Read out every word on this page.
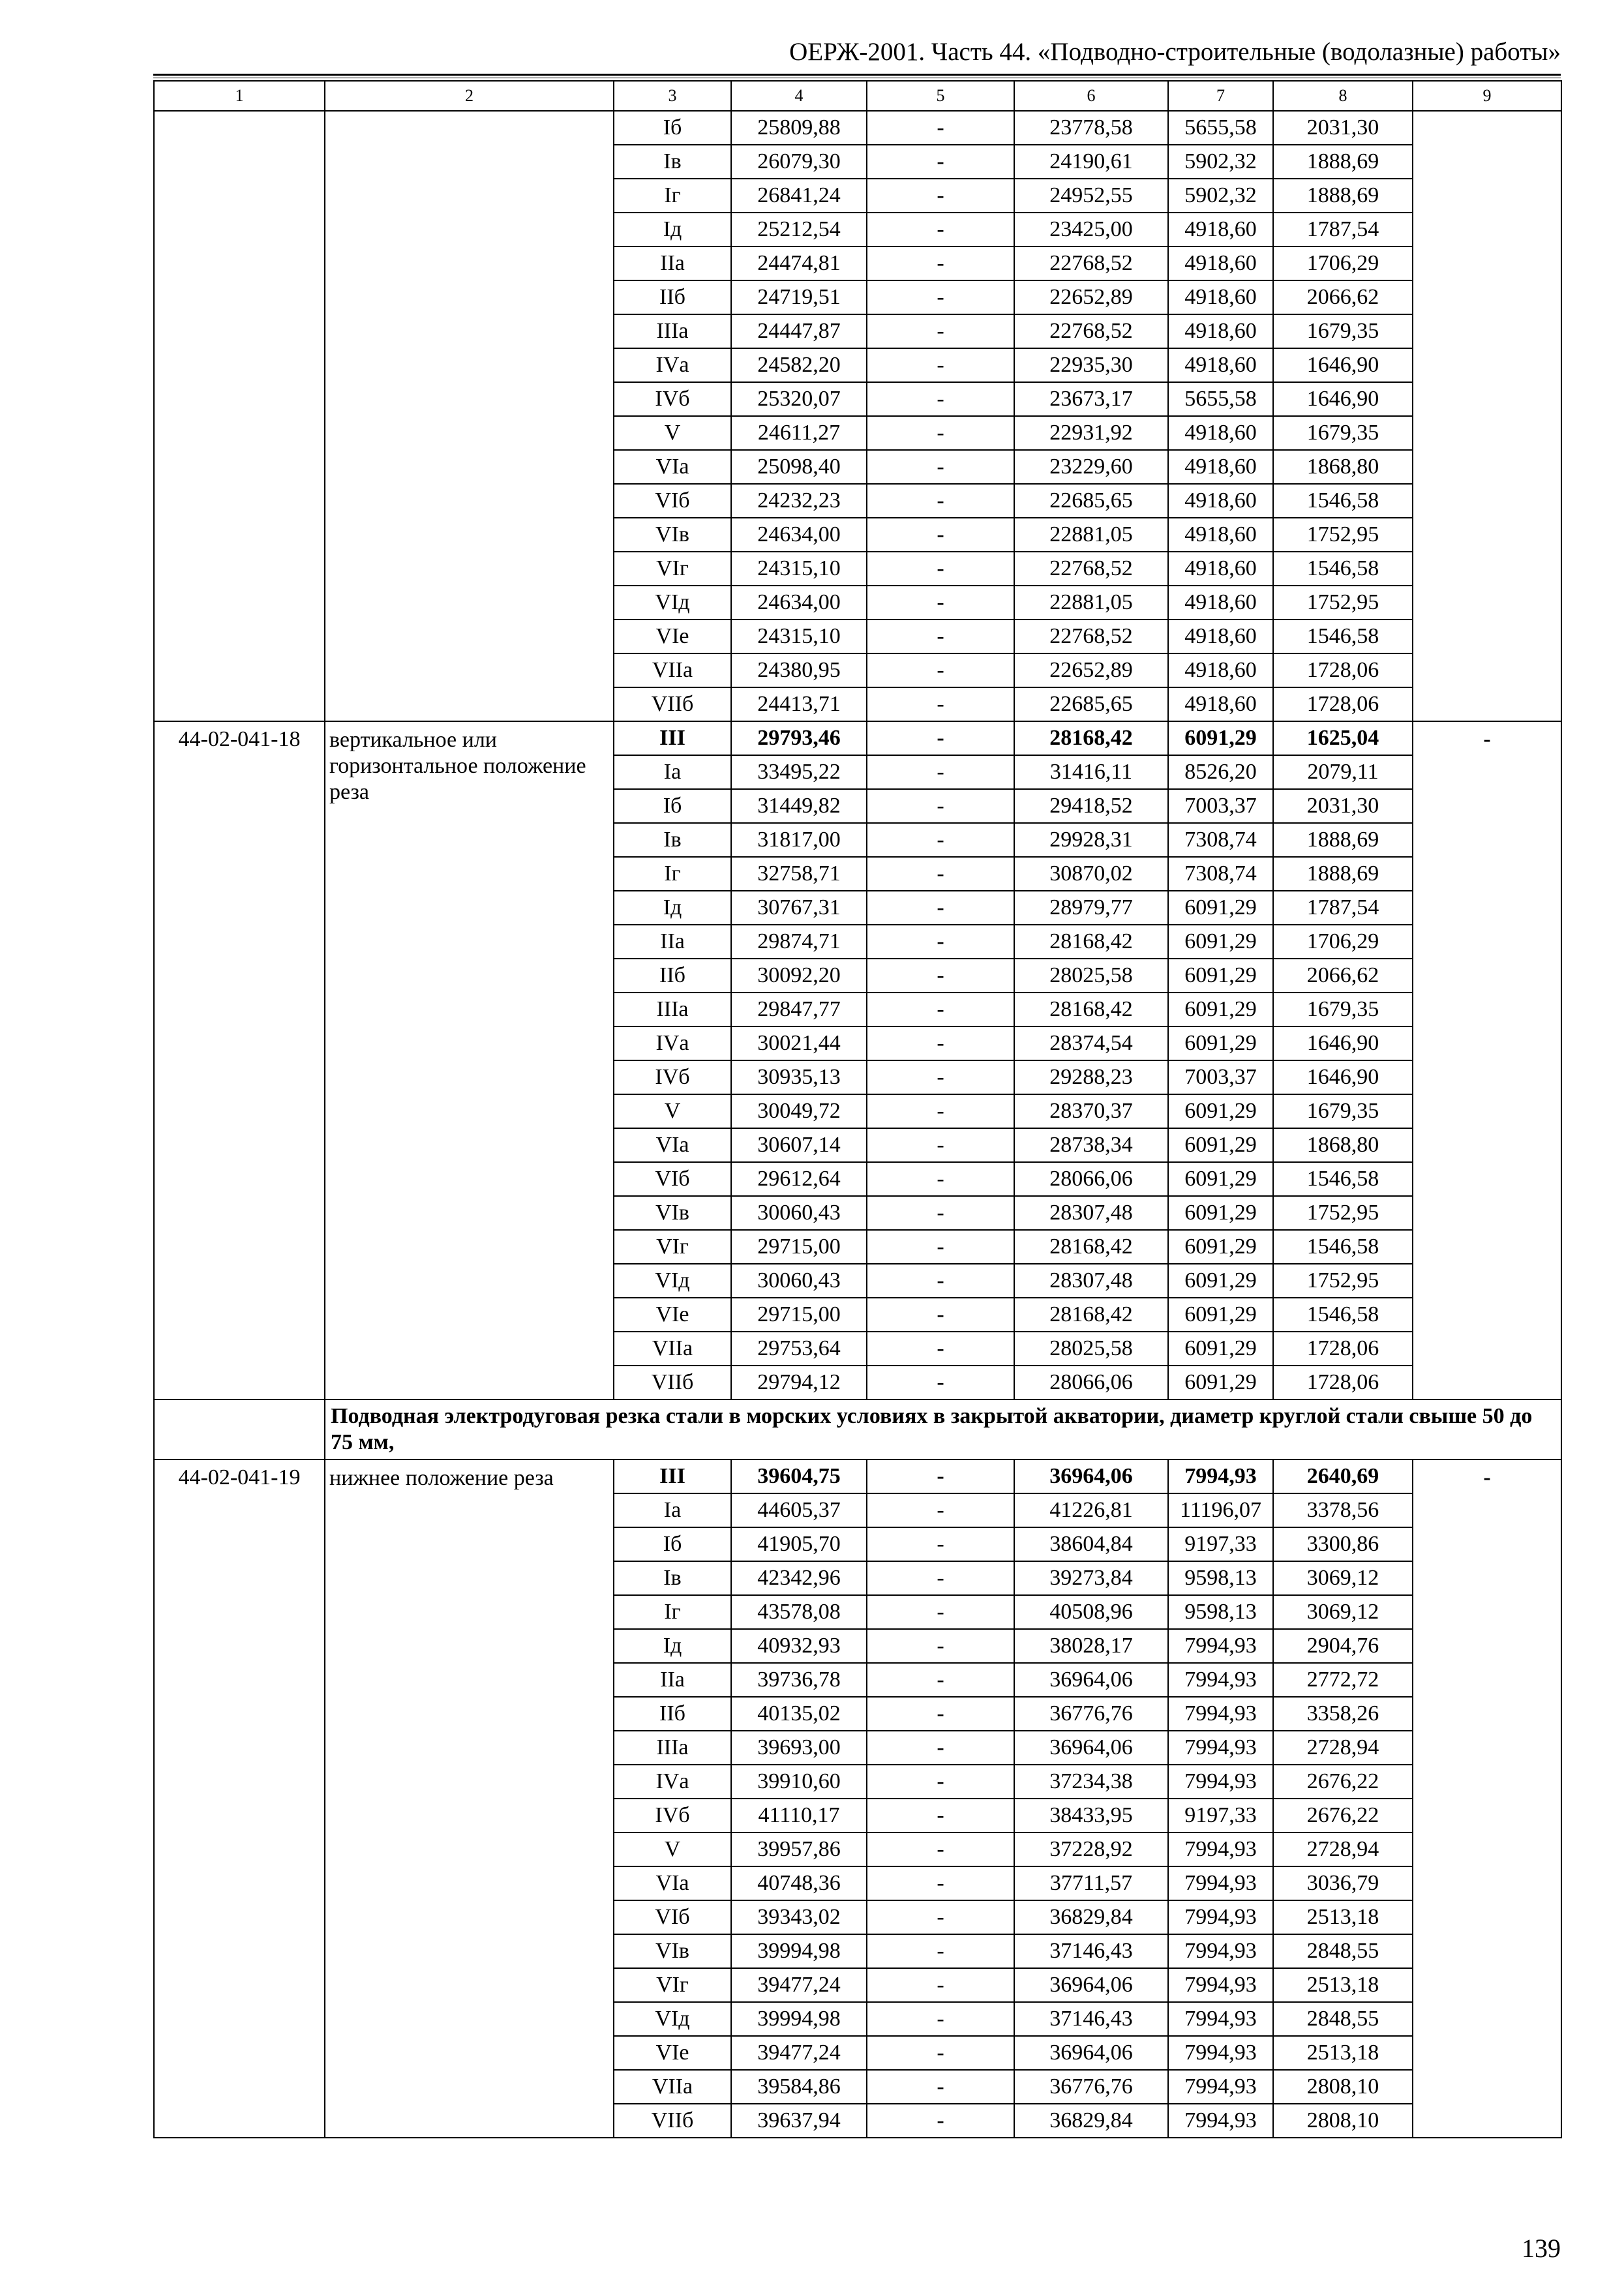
ОЕРЖ-2001. Часть 44. «Подводно-строительные (водолазные) работы»
1	2	3	4	5	6	7	8	9
		Iб	25809,88	-	23778,58	5655,58	2031,30	
		Iв	26079,30	-	24190,61	5902,32	1888,69	
		Iг	26841,24	-	24952,55	5902,32	1888,69	
		Iд	25212,54	-	23425,00	4918,60	1787,54	
		IIа	24474,81	-	22768,52	4918,60	1706,29	
		IIб	24719,51	-	22652,89	4918,60	2066,62	
		IIIа	24447,87	-	22768,52	4918,60	1679,35	
		IVа	24582,20	-	22935,30	4918,60	1646,90	
		IVб	25320,07	-	23673,17	5655,58	1646,90	
		V	24611,27	-	22931,92	4918,60	1679,35	
		VIа	25098,40	-	23229,60	4918,60	1868,80	
		VIб	24232,23	-	22685,65	4918,60	1546,58	
		VIв	24634,00	-	22881,05	4918,60	1752,95	
		VIг	24315,10	-	22768,52	4918,60	1546,58	
		VIд	24634,00	-	22881,05	4918,60	1752,95	
		VIе	24315,10	-	22768,52	4918,60	1546,58	
		VIIа	24380,95	-	22652,89	4918,60	1728,06	
		VIIб	24413,71	-	22685,65	4918,60	1728,06	
44-02-041-18	вертикальное или горизонтальное положение реза	III	29793,46	-	28168,42	6091,29	1625,04	-
		Iа	33495,22	-	31416,11	8526,20	2079,11	
		Iб	31449,82	-	29418,52	7003,37	2031,30	
		Iв	31817,00	-	29928,31	7308,74	1888,69	
		Iг	32758,71	-	30870,02	7308,74	1888,69	
		Iд	30767,31	-	28979,77	6091,29	1787,54	
		IIа	29874,71	-	28168,42	6091,29	1706,29	
		IIб	30092,20	-	28025,58	6091,29	2066,62	
		IIIа	29847,77	-	28168,42	6091,29	1679,35	
		IVа	30021,44	-	28374,54	6091,29	1646,90	
		IVб	30935,13	-	29288,23	7003,37	1646,90	
		V	30049,72	-	28370,37	6091,29	1679,35	
		VIа	30607,14	-	28738,34	6091,29	1868,80	
		VIб	29612,64	-	28066,06	6091,29	1546,58	
		VIв	30060,43	-	28307,48	6091,29	1752,95	
		VIг	29715,00	-	28168,42	6091,29	1546,58	
		VIд	30060,43	-	28307,48	6091,29	1752,95	
		VIе	29715,00	-	28168,42	6091,29	1546,58	
		VIIа	29753,64	-	28025,58	6091,29	1728,06	
		VIIб	29794,12	-	28066,06	6091,29	1728,06	
	Подводная электродуговая резка стали в морских условиях в закрытой акватории, диаметр круглой стали свыше 50 до 75 мм,							
44-02-041-19	нижнее положение реза	III	39604,75	-	36964,06	7994,93	2640,69	-
		Iа	44605,37	-	41226,81	11196,07	3378,56	
		Iб	41905,70	-	38604,84	9197,33	3300,86	
		Iв	42342,96	-	39273,84	9598,13	3069,12	
		Iг	43578,08	-	40508,96	9598,13	3069,12	
		Iд	40932,93	-	38028,17	7994,93	2904,76	
		IIа	39736,78	-	36964,06	7994,93	2772,72	
		IIб	40135,02	-	36776,76	7994,93	3358,26	
		IIIа	39693,00	-	36964,06	7994,93	2728,94	
		IVа	39910,60	-	37234,38	7994,93	2676,22	
		IVб	41110,17	-	38433,95	9197,33	2676,22	
		V	39957,86	-	37228,92	7994,93	2728,94	
		VIа	40748,36	-	37711,57	7994,93	3036,79	
		VIб	39343,02	-	36829,84	7994,93	2513,18	
		VIв	39994,98	-	37146,43	7994,93	2848,55	
		VIг	39477,24	-	36964,06	7994,93	2513,18	
		VIд	39994,98	-	37146,43	7994,93	2848,55	
		VIе	39477,24	-	36964,06	7994,93	2513,18	
		VIIа	39584,86	-	36776,76	7994,93	2808,10	
		VIIб	39637,94	-	36829,84	7994,93	2808,10	
139
